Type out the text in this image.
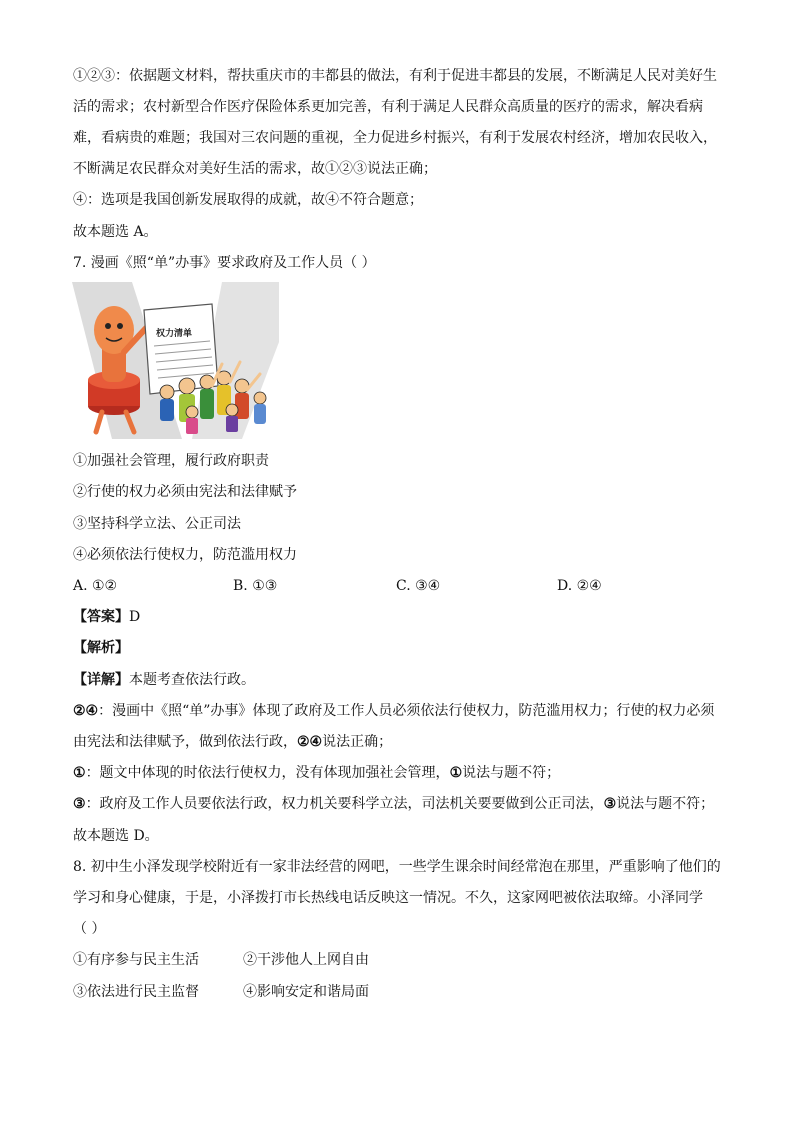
①②③：依据题文材料，帮扶重庆市的丰都县的做法，有利于促进丰都县的发展，不断满足人民对美好生
活的需求；农村新型合作医疗保险体系更加完善，有利于满足人民群众高质量的医疗的需求，解决看病
难，看病贵的难题；我国对三农问题的重视，全力促进乡村振兴，有利于发展农村经济，增加农民收入，
不断满足农民群众对美好生活的需求，故①②③说法正确；
④：选项是我国创新发展取得的成就，故④不符合题意；
故本题选 A。
7. 漫画《照“单”办事》要求政府及工作人员（ ）
权力清单
①加强社会管理，履行政府职责
②行使的权力必须由宪法和法律赋予
③坚持科学立法、公正司法
④必须依法行使权力，防范滥用权力
A. ①②	B. ①③	C. ③④	D. ②④
【答案】D
【解析】
【详解】本题考查依法行政。
②④：漫画中《照“单”办事》体现了政府及工作人员必须依法行使权力，防范滥用权力；行使的权力必须
由宪法和法律赋予，做到依法行政，②④说法正确；
①：题文中体现的时依法行使权力，没有体现加强社会管理，①说法与题不符；
③：政府及工作人员要依法行政，权力机关要科学立法，司法机关要要做到公正司法，③说法与题不符；
故本题选 D。
8. 初中生小泽发现学校附近有一家非法经营的网吧，一些学生课余时间经常泡在那里，严重影响了他们的
学习和身心健康，于是，小泽拨打市长热线电话反映这一情况。不久，这家网吧被依法取缔。小泽同学
（ ）
①有序参与民主生活	②干涉他人上网自由
③依法进行民主监督	④影响安定和谐局面
